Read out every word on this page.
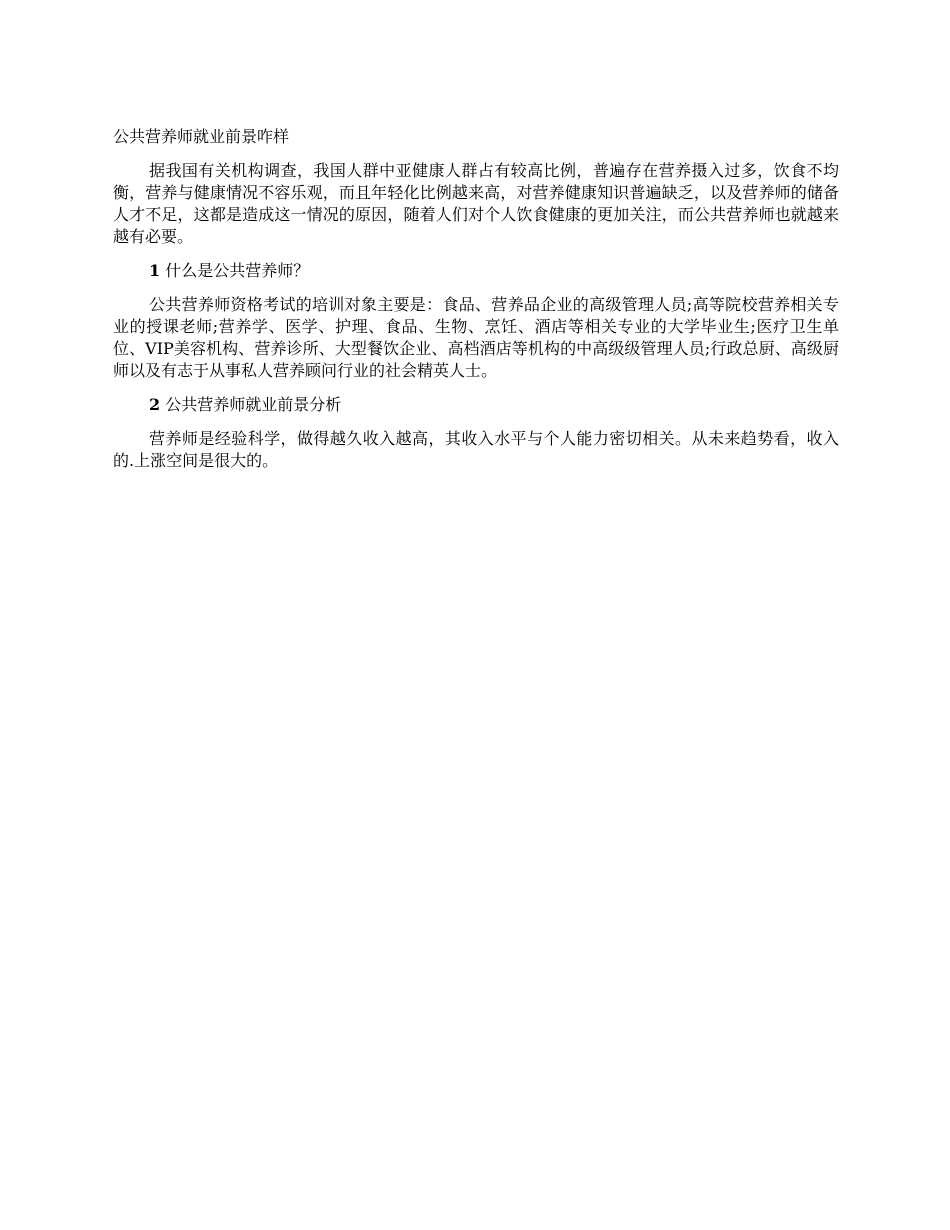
公共营养师就业前景咋样

据我国有关机构调查，我国人群中亚健康人群占有较高比例，普遍存在营养摄入过多，饮食不均衡，营养与健康情况不容乐观，而且年轻化比例越来高，对营养健康知识普遍缺乏，以及营养师的储备人才不足，这都是造成这一情况的原因，随着人们对个人饮食健康的更加关注，而公共营养师也就越来越有必要。

1 什么是公共营养师？

公共营养师资格考试的培训对象主要是：食品、营养品企业的高级管理人员;高等院校营养相关专业的授课老师;营养学、医学、护理、食品、生物、烹饪、酒店等相关专业的大学毕业生;医疗卫生单位、VIP美容机构、营养诊所、大型餐饮企业、高档酒店等机构的中高级级管理人员;行政总厨、高级厨师以及有志于从事私人营养顾问行业的社会精英人士。

2 公共营养师就业前景分析

营养师是经验科学，做得越久收入越高，其收入水平与个人能力密切相关。从未来趋势看，收入的.上涨空间是很大的。
